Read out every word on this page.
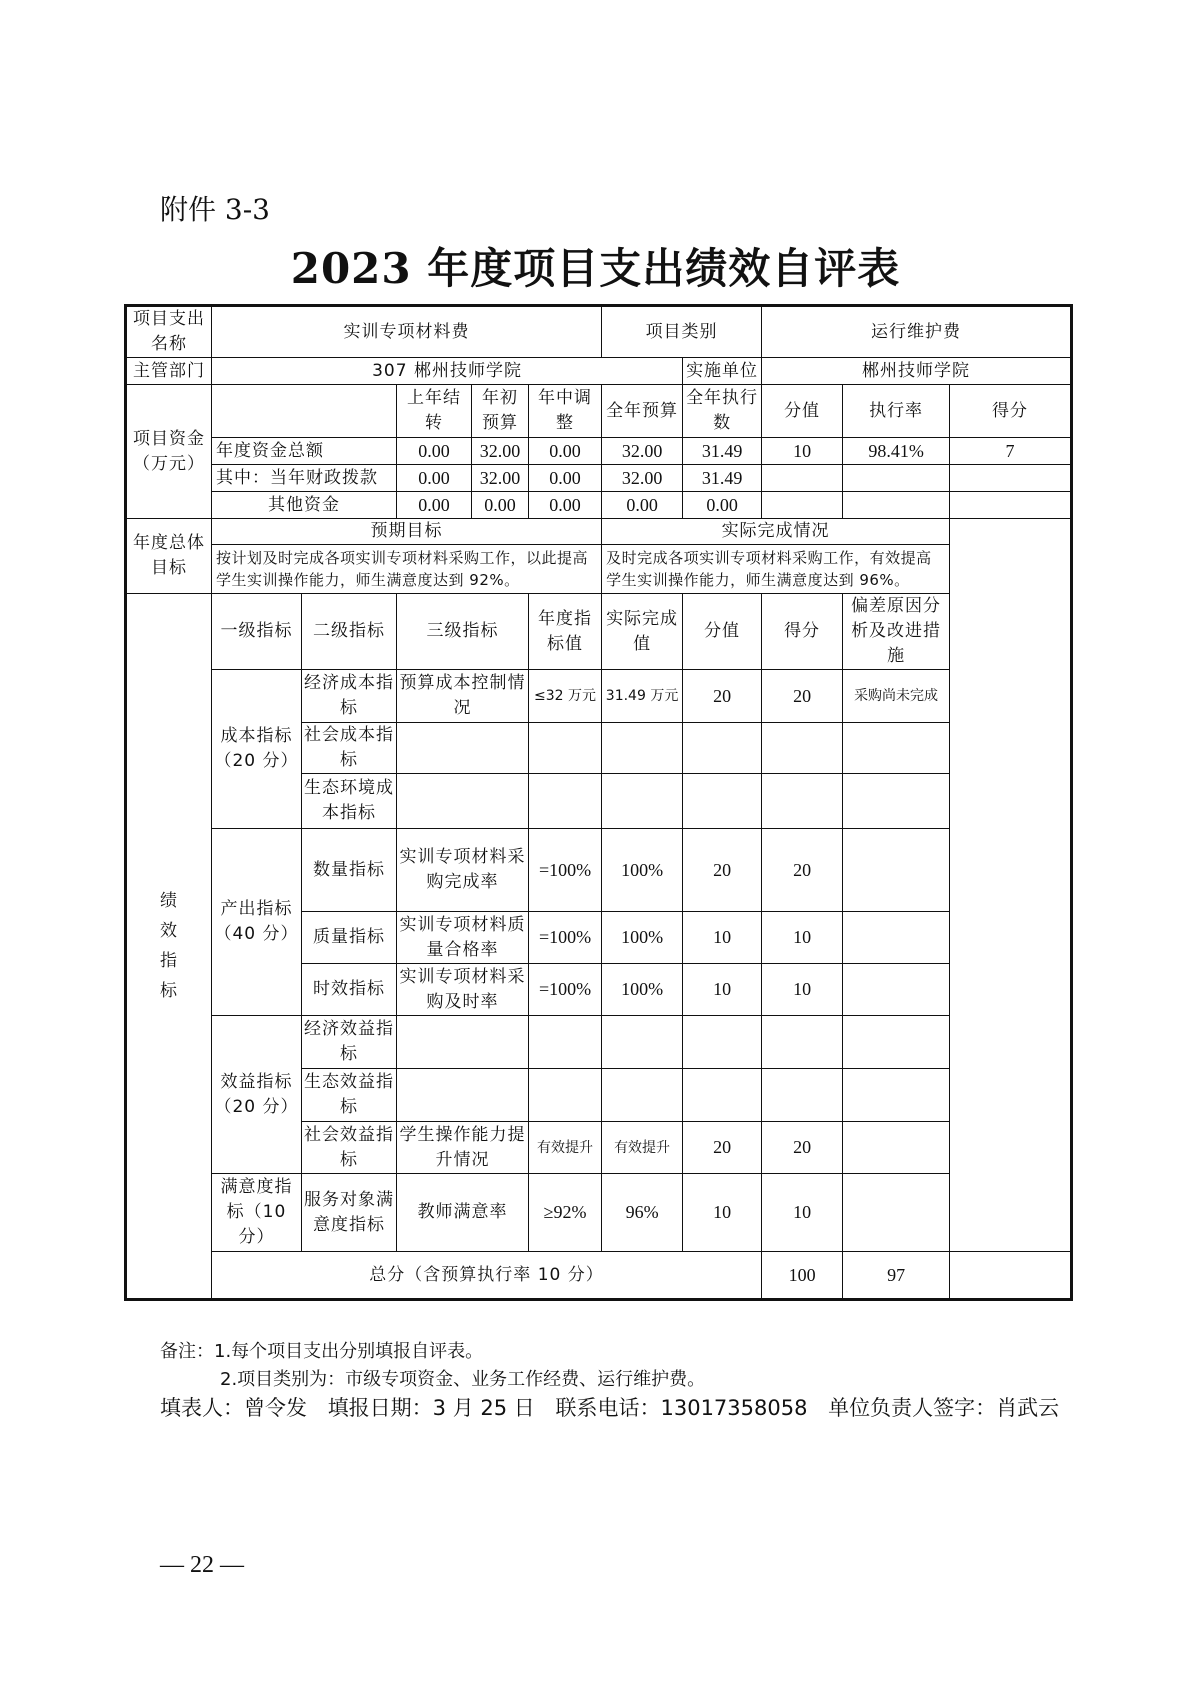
附件 3-3
2023 年度项目支出绩效自评表
项目支出名称	实训专项材料费					项目类别		运行维护费		
主管部门	307 郴州技师学院						实施单位	郴州技师学院		
项目资金（万元）			上年结转	年初预算	年中调整	全年预算	全年执行数	分值	执行率	得分
	年度资金总额		0.00	32.00	0.00	32.00	31.49	10	98.41%	7
	其中：当年财政拨款		0.00	32.00	0.00	32.00	31.49			
	其他资金		0.00	0.00	0.00	0.00	0.00			
年度总体目标	预期目标					实际完成情况				
	按计划及时完成各项实训专项材料采购工作，以此提高学生实训操作能力，师生满意度达到 92%。					及时完成各项实训专项材料采购工作，有效提高学生实训操作能力，师生满意度达到 96%。				
绩效指标	一级指标	二级指标	三级指标		年度指标值	实际完成值	分值	得分	偏差原因分析及改进措施	
	成本指标（20 分）	经济成本指标	预算成本控制情况		≤32 万元	31.49 万元	20	20	采购尚未完成	
		社会成本指标								
		生态环境成本指标								
	产出指标（40 分）	数量指标	实训专项材料采购完成率		=100%	100%	20	20		
		质量指标	实训专项材料质量合格率		=100%	100%	10	10		
		时效指标	实训专项材料采购及时率		=100%	100%	10	10		
	效益指标（20 分）	经济效益指标								
		生态效益指标								
		社会效益指标	学生操作能力提升情况		有效提升	有效提升	20	20		
	满意度指标（10 分）	服务对象满意度指标	教师满意率		≥92%	96%	10	10		
	总分（含预算执行率 10 分）							100	97	
备注：1.每个项目支出分别填报自评表。
2.项目类别为：市级专项资金、业务工作经费、运行维护费。
填表人：曾令发 填报日期：3 月 25 日 联系电话：13017358058 单位负责人签字：肖武云
— 22 —
